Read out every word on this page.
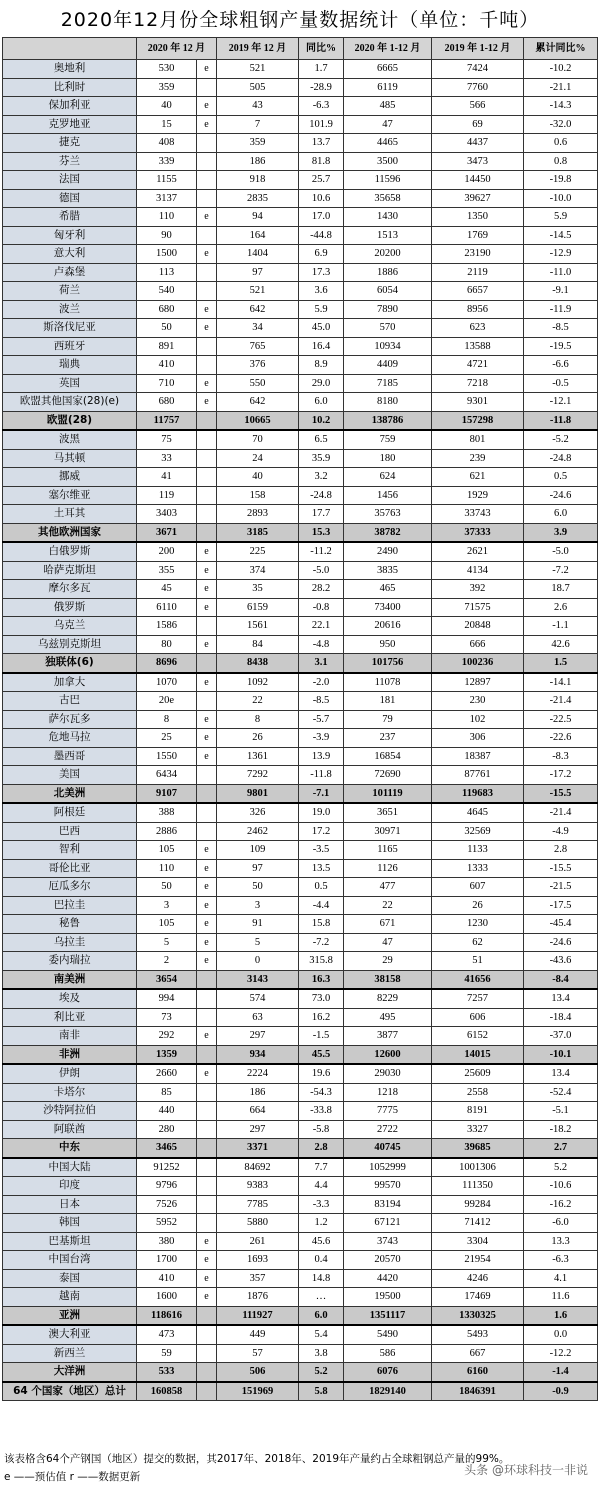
2020年12月份全球粗钢产量数据统计（单位：千吨）
	2020 年 12 月		2019 年 12 月	同比%	2020 年 1-12 月	2019 年 1-12 月	累计同比%
奥地利	530	e	521	1.7	6665	7424	-10.2
比利时	359		505	-28.9	6119	7760	-21.1
保加利亚	40	e	43	-6.3	485	566	-14.3
克罗地亚	15	e	7	101.9	47	69	-32.0
捷克	408		359	13.7	4465	4437	0.6
芬兰	339		186	81.8	3500	3473	0.8
法国	1155		918	25.7	11596	14450	-19.8
德国	3137		2835	10.6	35658	39627	-10.0
希腊	110	e	94	17.0	1430	1350	5.9
匈牙利	90		164	-44.8	1513	1769	-14.5
意大利	1500	e	1404	6.9	20200	23190	-12.9
卢森堡	113		97	17.3	1886	2119	-11.0
荷兰	540		521	3.6	6054	6657	-9.1
波兰	680	e	642	5.9	7890	8956	-11.9
斯洛伐尼亚	50	e	34	45.0	570	623	-8.5
西班牙	891		765	16.4	10934	13588	-19.5
瑞典	410		376	8.9	4409	4721	-6.6
英国	710	e	550	29.0	7185	7218	-0.5
欧盟其他国家(28)(e)	680	e	642	6.0	8180	9301	-12.1
欧盟(28)	11757		10665	10.2	138786	157298	-11.8
波黑	75		70	6.5	759	801	-5.2
马其顿	33		24	35.9	180	239	-24.8
挪威	41		40	3.2	624	621	0.5
塞尔维亚	119		158	-24.8	1456	1929	-24.6
土耳其	3403		2893	17.7	35763	33743	6.0
其他欧洲国家	3671		3185	15.3	38782	37333	3.9
白俄罗斯	200	e	225	-11.2	2490	2621	-5.0
哈萨克斯坦	355	e	374	-5.0	3835	4134	-7.2
摩尔多瓦	45	e	35	28.2	465	392	18.7
俄罗斯	6110	e	6159	-0.8	73400	71575	2.6
乌克兰	1586		1561	22.1	20616	20848	-1.1
乌兹别克斯坦	80	e	84	-4.8	950	666	42.6
独联体(6)	8696		8438	3.1	101756	100236	1.5
加拿大	1070	e	1092	-2.0	11078	12897	-14.1
古巴	20e		22	-8.5	181	230	-21.4
萨尔瓦多	8	e	8	-5.7	79	102	-22.5
危地马拉	25	e	26	-3.9	237	306	-22.6
墨西哥	1550	e	1361	13.9	16854	18387	-8.3
美国	6434		7292	-11.8	72690	87761	-17.2
北美洲	9107		9801	-7.1	101119	119683	-15.5
阿根廷	388		326	19.0	3651	4645	-21.4
巴西	2886		2462	17.2	30971	32569	-4.9
智利	105	e	109	-3.5	1165	1133	2.8
哥伦比亚	110	e	97	13.5	1126	1333	-15.5
厄瓜多尔	50	e	50	0.5	477	607	-21.5
巴拉圭	3	e	3	-4.4	22	26	-17.5
秘鲁	105	e	91	15.8	671	1230	-45.4
乌拉圭	5	e	5	-7.2	47	62	-24.6
委内瑞拉	2	e	0	315.8	29	51	-43.6
南美洲	3654		3143	16.3	38158	41656	-8.4
埃及	994		574	73.0	8229	7257	13.4
利比亚	73		63	16.2	495	606	-18.4
南非	292	e	297	-1.5	3877	6152	-37.0
非洲	1359		934	45.5	12600	14015	-10.1
伊朗	2660	e	2224	19.6	29030	25609	13.4
卡塔尔	85		186	-54.3	1218	2558	-52.4
沙特阿拉伯	440		664	-33.8	7775	8191	-5.1
阿联酋	280		297	-5.8	2722	3327	-18.2
中东	3465		3371	2.8	40745	39685	2.7
中国大陆	91252		84692	7.7	1052999	1001306	5.2
印度	9796		9383	4.4	99570	111350	-10.6
日本	7526		7785	-3.3	83194	99284	-16.2
韩国	5952		5880	1.2	67121	71412	-6.0
巴基斯坦	380	e	261	45.6	3743	3304	13.3
中国台湾	1700	e	1693	0.4	20570	21954	-6.3
泰国	410	e	357	14.8	4420	4246	4.1
越南	1600	e	1876	…	19500	17469	11.6
亚洲	118616		111927	6.0	1351117	1330325	1.6
澳大利亚	473		449	5.4	5490	5493	0.0
新西兰	59		57	3.8	586	667	-12.2
大洋洲	533		506	5.2	6076	6160	-1.4
64 个国家（地区）总计	160858		151969	5.8	1829140	1846391	-0.9
该表格含64个产钢国（地区）提交的数据，其2017年、2018年、2019年产量约占全球粗钢总产量的99%。
e ——预估值 r ——数据更新	头条 @环球科技一非说
